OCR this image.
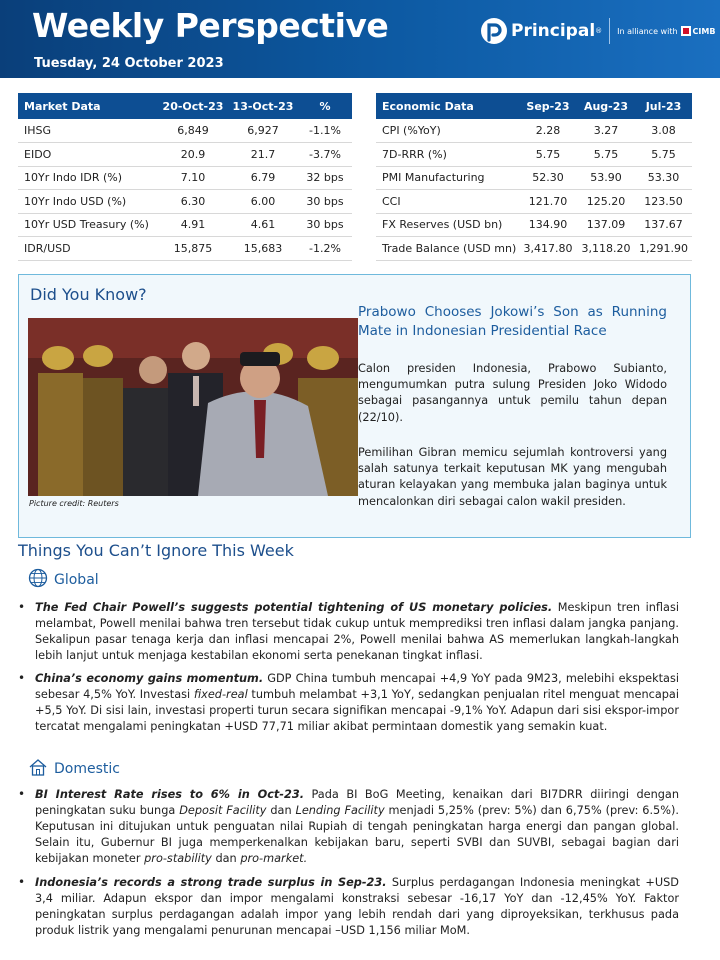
Weekly Perspective
Tuesday, 24 October 2023
Principal ® In alliance with CIMB
Market Data	20-Oct-23	13-Oct-23	%
IHSG	6,849	6,927	-1.1%
EIDO	20.9	21.7	-3.7%
10Yr Indo IDR (%)	7.10	6.79	32 bps
10Yr Indo USD (%)	6.30	6.00	30 bps
10Yr USD Treasury (%)	4.91	4.61	30 bps
IDR/USD	15,875	15,683	-1.2%
Economic Data	Sep-23	Aug-23	Jul-23
CPI (%YoY)	2.28	3.27	3.08
7D-RRR (%)	5.75	5.75	5.75
PMI Manufacturing	52.30	53.90	53.30
CCI	121.70	125.20	123.50
FX Reserves (USD bn)	134.90	137.09	137.67
Trade Balance (USD mn)	3,417.80	3,118.20	1,291.90
Did You Know?
Picture credit: Reuters
Prabowo Chooses Jokowi’s Son as Running Mate in Indonesian Presidential Race
Calon presiden Indonesia, Prabowo Subianto, mengumumkan putra sulung Presiden Joko Widodo sebagai pasangannya untuk pemilu tahun depan (22/10).
Pemilihan Gibran memicu sejumlah kontroversi yang salah satunya terkait keputusan MK yang mengubah aturan kelayakan yang membuka jalan baginya untuk mencalonkan diri sebagai calon wakil presiden.
Things You Can’t Ignore This Week
Global
• The Fed Chair Powell’s suggests potential tightening of US monetary policies. Meskipun tren inflasi melambat, Powell menilai bahwa tren tersebut tidak cukup untuk memprediksi tren inflasi dalam jangka panjang. Sekalipun pasar tenaga kerja dan inflasi mencapai 2%, Powell menilai bahwa AS memerlukan langkah-langkah lebih lanjut untuk menjaga kestabilan ekonomi serta penekanan tingkat inflasi.
• China’s economy gains momentum. GDP China tumbuh mencapai +4,9 YoY pada 9M23, melebihi ekspektasi sebesar 4,5% YoY. Investasi fixed-real tumbuh melambat +3,1 YoY, sedangkan penjualan ritel menguat mencapai +5,5 YoY. Di sisi lain, investasi properti turun secara signifikan mencapai -9,1% YoY. Adapun dari sisi ekspor-impor tercatat mengalami peningkatan +USD 77,71 miliar akibat permintaan domestik yang semakin kuat.
Domestic
• BI Interest Rate rises to 6% in Oct-23. Pada BI BoG Meeting, kenaikan dari BI7DRR diiringi dengan peningkatan suku bunga Deposit Facility dan Lending Facility menjadi 5,25% (prev: 5%) dan 6,75% (prev: 6.5%). Keputusan ini ditujukan untuk penguatan nilai Rupiah di tengah peningkatan harga energi dan pangan global. Selain itu, Gubernur BI juga memperkenalkan kebijakan baru, seperti SVBI dan SUVBI, sebagai bagian dari kebijakan moneter pro-stability dan pro-market.
• Indonesia’s records a strong trade surplus in Sep-23. Surplus perdagangan Indonesia meningkat +USD 3,4 miliar. Adapun ekspor dan impor mengalami konstraksi sebesar -16,17 YoY dan -12,45% YoY. Faktor peningkatan surplus perdagangan adalah impor yang lebih rendah dari yang diproyeksikan, terkhusus pada produk listrik yang mengalami penurunan mencapai –USD 1,156 miliar MoM.
